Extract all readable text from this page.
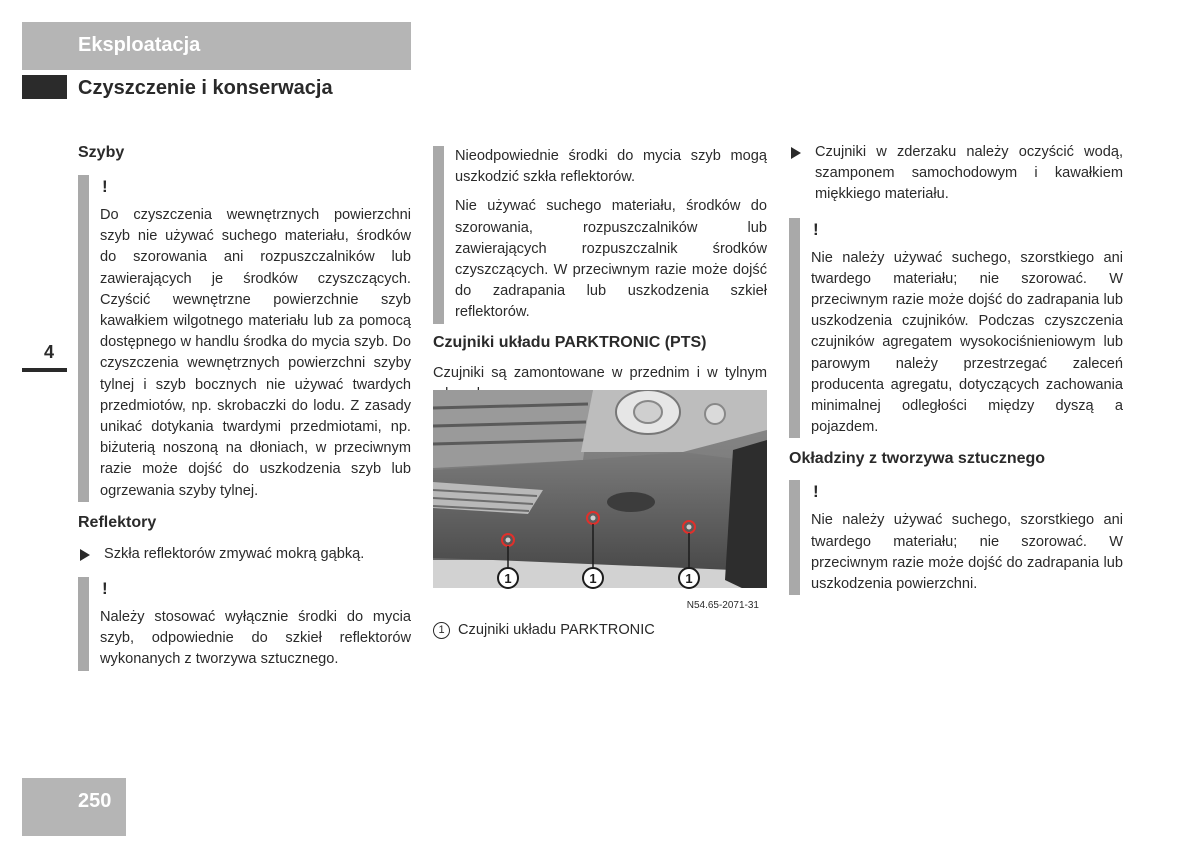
Eksploatacja
Czyszczenie i konserwacja
4
Szyby
!

Do czyszczenia wewnętrznych powierzchni szyb nie używać suchego materiału, środków do szorowania ani rozpuszczalników lub zawierających je środków czyszczących. Czyścić wewnętrzne powierzchnie szyb kawałkiem wilgotnego materiału lub za pomocą dostępnego w handlu środka do mycia szyb. Do czyszczenia wewnętrznych powierzchni szyby tylnej i szyb bocznych nie używać twardych przedmiotów, np. skrobaczki do lodu. Z zasady unikać dotykania twardymi przedmiotami, np. biżuterią noszoną na dłoniach, w przeciwnym razie może dojść do uszkodzenia szyb lub ogrzewania szyby tylnej.

Reflektory

Szkła reflektorów zmywać mokrą gąbką.

!

Należy stosować wyłącznie środki do mycia szyb, odpowiednie do szkieł reflektorów wykonanych z tworzywa sztucznego.

Nieodpowiednie środki do mycia szyb mogą uszkodzić szkła reflektorów.

Nie używać suchego materiału, środków do szorowania, rozpuszczalników lub zawierających rozpuszczalnik środków czyszczących. W przeciwnym razie może dojść do zadrapania lub uszkodzenia szkieł reflektorów.

Czujniki układu PARKTRONIC (PTS)

Czujniki są zamontowane w przednim i w tylnym

1	1	1
N54.65-2071-31
1 Czujniki układu PARKTRONIC

Czujniki w zderzaku należy oczyścić wodą, szamponem samochodowym i kawałkiem miękkiego materiału.

!

Nie należy używać suchego, szorstkiego ani twardego materiału; nie szorować. W przeciwnym razie może dojść do zadrapania lub uszkodzenia czujników. Podczas czyszczenia czujników agregatem wysokociśnieniowym lub parowym należy przestrzegać zaleceń producenta agregatu, dotyczących zachowania minimalnej odległości między dyszą a pojazdem.

Okładziny z tworzywa sztucznego
!

Nie należy używać suchego, szorstkiego ani twardego materiału; nie szorować. W przeciwnym razie może dojść do zadrapania lub uszkodzenia powierzchni.

250
